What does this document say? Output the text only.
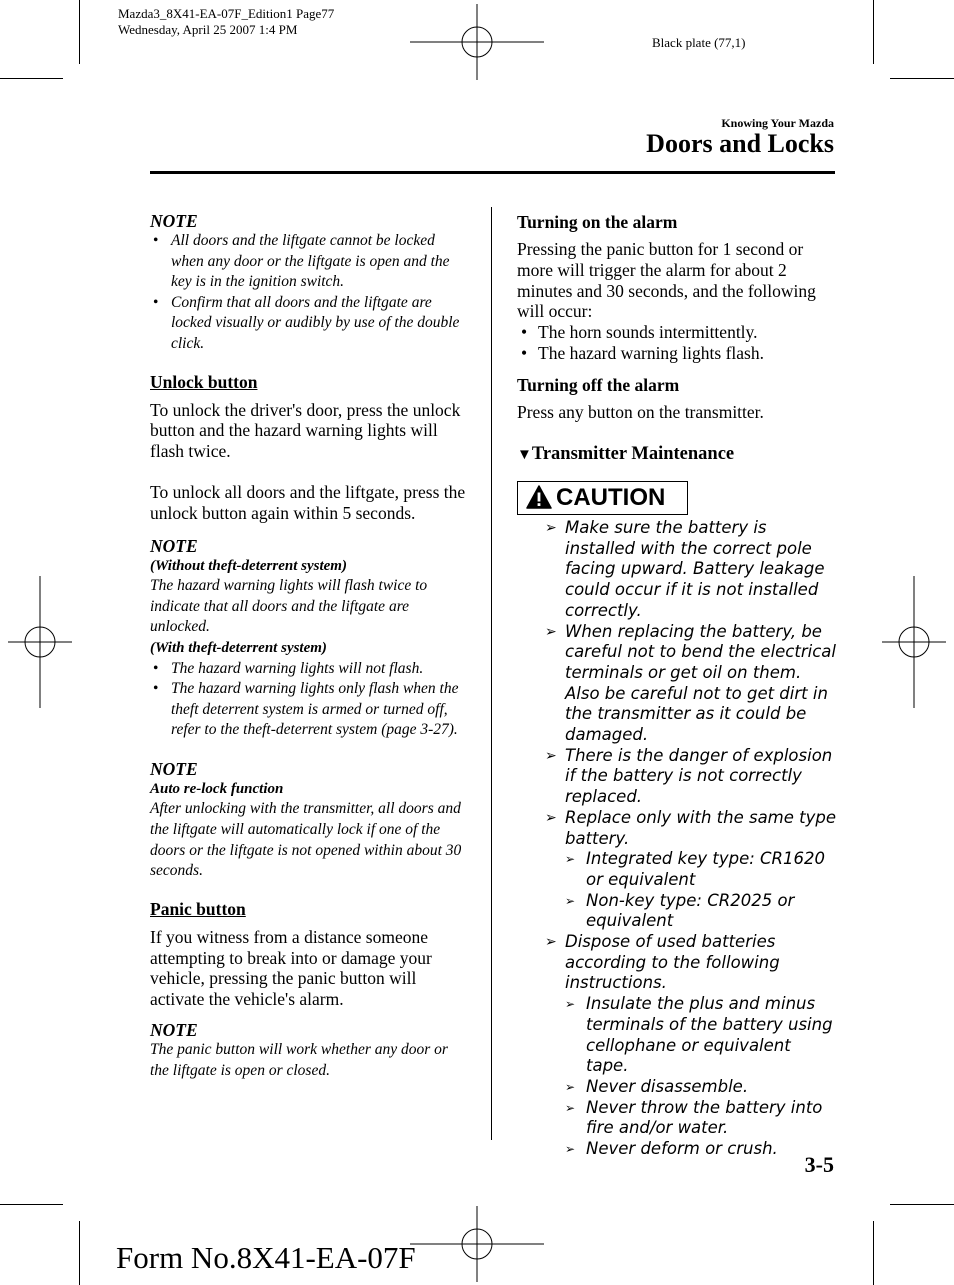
Mazda3_8X41-EA-07F_Edition1 Page77
Wednesday, April 25 2007 1:4 PM
Black plate (77,1)
Knowing Your Mazda
Doors and Locks

NOTE

• All doors and the liftgate cannot be locked when any door or the liftgate is open and the key is in the ignition switch.
• Confirm that all doors and the liftgate are locked visually or audibly by use of the double click.

Unlock button

To unlock the driver's door, press the unlock button and the hazard warning lights will flash twice.

To unlock all doors and the liftgate, press the unlock button again within 5 seconds.

NOTE

(Without theft-deterrent system)

The hazard warning lights will flash twice to indicate that all doors and the liftgate are unlocked.

(With theft-deterrent system)

• The hazard warning lights will not flash.
• The hazard warning lights only flash when the theft deterrent system is armed or turned off, refer to the theft-deterrent system (page 3-27).

NOTE

Auto re-lock function

After unlocking with the transmitter, all doors and the liftgate will automatically lock if one of the doors or the liftgate is not opened within about 30 seconds.

Panic button

If you witness from a distance someone attempting to break into or damage your vehicle, pressing the panic button will activate the vehicle's alarm.

NOTE

The panic button will work whether any door or the liftgate is open or closed.

Turning on the alarm

Pressing the panic button for 1 second or more will trigger the alarm for about 2 minutes and 30 seconds, and the following will occur:

• The horn sounds intermittently.
• The hazard warning lights flash.

Turning off the alarm

Press any button on the transmitter.

▼Transmitter Maintenance

CAUTION
➢ Make sure the battery is installed with the correct pole facing upward. Battery leakage could occur if it is not installed correctly.
➢ When replacing the battery, be careful not to bend the electrical terminals or get oil on them. Also be careful not to get dirt in the transmitter as it could be damaged.
➢ There is the danger of explosion if the battery is not correctly replaced.
➢ Replace only with the same type battery.
➢ Integrated key type: CR1620 or equivalent
➢ Non-key type: CR2025 or equivalent
➢ Dispose of used batteries according to the following instructions.
➢ Insulate the plus and minus terminals of the battery using cellophane or equivalent tape.
➢ Never disassemble.
➢ Never throw the battery into fire and/or water.
➢ Never deform or crush.
3-5
Form No.8X41-EA-07F
